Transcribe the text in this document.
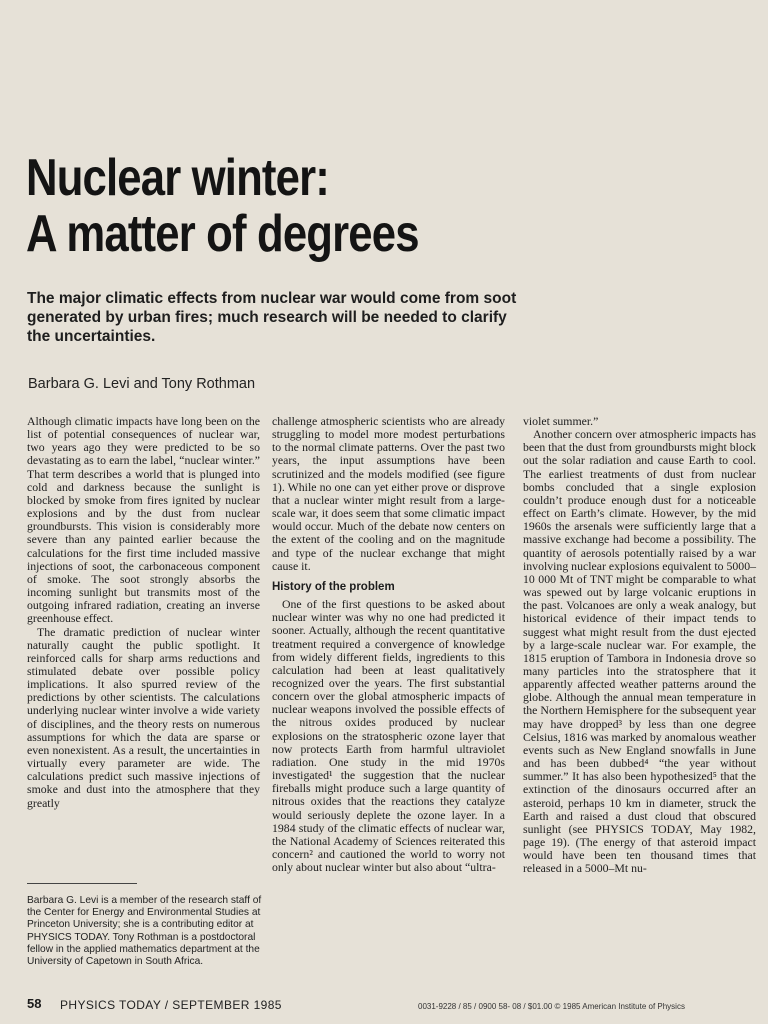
Nuclear winter:
A matter of degrees

The major climatic effects from nuclear war would come from soot generated by urban fires; much research will be needed to clarify the uncertainties.

Barbara G. Levi and Tony Rothman

Although climatic impacts have long been on the list of potential consequences of nuclear war, two years ago they were predicted to be so devastating as to earn the label, “nuclear winter.” That term describes a world that is plunged into cold and darkness because the sunlight is blocked by smoke from fires ignited by nuclear explosions and by the dust from nuclear groundbursts. This vision is considerably more severe than any painted earlier because the calculations for the first time included massive injections of soot, the carbonaceous component of smoke. The soot strongly absorbs the incoming sunlight but transmits most of the outgoing infrared radiation, creating an inverse greenhouse effect.

The dramatic prediction of nuclear winter naturally caught the public spotlight. It reinforced calls for sharp arms reductions and stimulated debate over possible policy implications. It also spurred review of the predictions by other scientists. The calculations underlying nuclear winter involve a wide variety of disciplines, and the theory rests on numerous assumptions for which the data are sparse or even nonexistent. As a result, the uncertainties in virtually every parameter are wide. The calculations predict such massive injections of smoke and dust into the atmosphere that they greatly

challenge atmospheric scientists who are already struggling to model more modest perturbations to the normal climate patterns. Over the past two years, the input assumptions have been scrutinized and the models modified (see figure 1). While no one can yet either prove or disprove that a nuclear winter might result from a large-scale war, it does seem that some climatic impact would occur. Much of the debate now centers on the extent of the cooling and on the magnitude and type of the nuclear exchange that might cause it.

History of the problem

One of the first questions to be asked about nuclear winter was why no one had predicted it sooner. Actually, although the recent quantitative treatment required a convergence of knowledge from widely different fields, ingredients to this calculation had been at least qualitatively recognized over the years. The first substantial concern over the global atmospheric impacts of nuclear weapons involved the possible effects of the nitrous oxides produced by nuclear explosions on the stratospheric ozone layer that now protects Earth from harmful ultraviolet radiation. One study in the mid 1970s investigated¹ the suggestion that the nuclear fireballs might produce such a large quantity of nitrous oxides that the reactions they catalyze would seriously deplete the ozone layer. In a 1984 study of the climatic effects of nuclear war, the National Academy of Sciences reiterated this concern² and cautioned the world to worry not only about nuclear winter but also about “ultra-

violet summer.”

Another concern over atmospheric impacts has been that the dust from groundbursts might block out the solar radiation and cause Earth to cool. The earliest treatments of dust from nuclear bombs concluded that a single explosion couldn’t produce enough dust for a noticeable effect on Earth’s climate. However, by the mid 1960s the arsenals were sufficiently large that a massive exchange had become a possibility. The quantity of aerosols potentially raised by a war involving nuclear explosions equivalent to 5000–10 000 Mt of TNT might be comparable to what was spewed out by large volcanic eruptions in the past. Volcanoes are only a weak analogy, but historical evidence of their impact tends to suggest what might result from the dust ejected by a large-scale nuclear war. For example, the 1815 eruption of Tambora in Indonesia drove so many particles into the stratosphere that it apparently affected weather patterns around the globe. Although the annual mean temperature in the Northern Hemisphere for the subsequent year may have dropped³ by less than one degree Celsius, 1816 was marked by anomalous weather events such as New England snowfalls in June and has been dubbed⁴ “the year without summer.” It has also been hypothesized⁵ that the extinction of the dinosaurs occurred after an asteroid, perhaps 10 km in diameter, struck the Earth and raised a dust cloud that obscured sunlight (see PHYSICS TODAY, May 1982, page 19). (The energy of that asteroid impact would have been ten thousand times that released in a 5000–Mt nu-

Barbara G. Levi is a member of the research staff of the Center for Energy and Environmental Studies at Princeton University; she is a contributing editor at PHYSICS TODAY. Tony Rothman is a postdoctoral fellow in the applied mathematics department at the University of Capetown in South Africa.

58 PHYSICS TODAY / SEPTEMBER 1985	0031-9228 / 85 / 0900 58- 08 / $01.00 © 1985 American Institute of Physics
